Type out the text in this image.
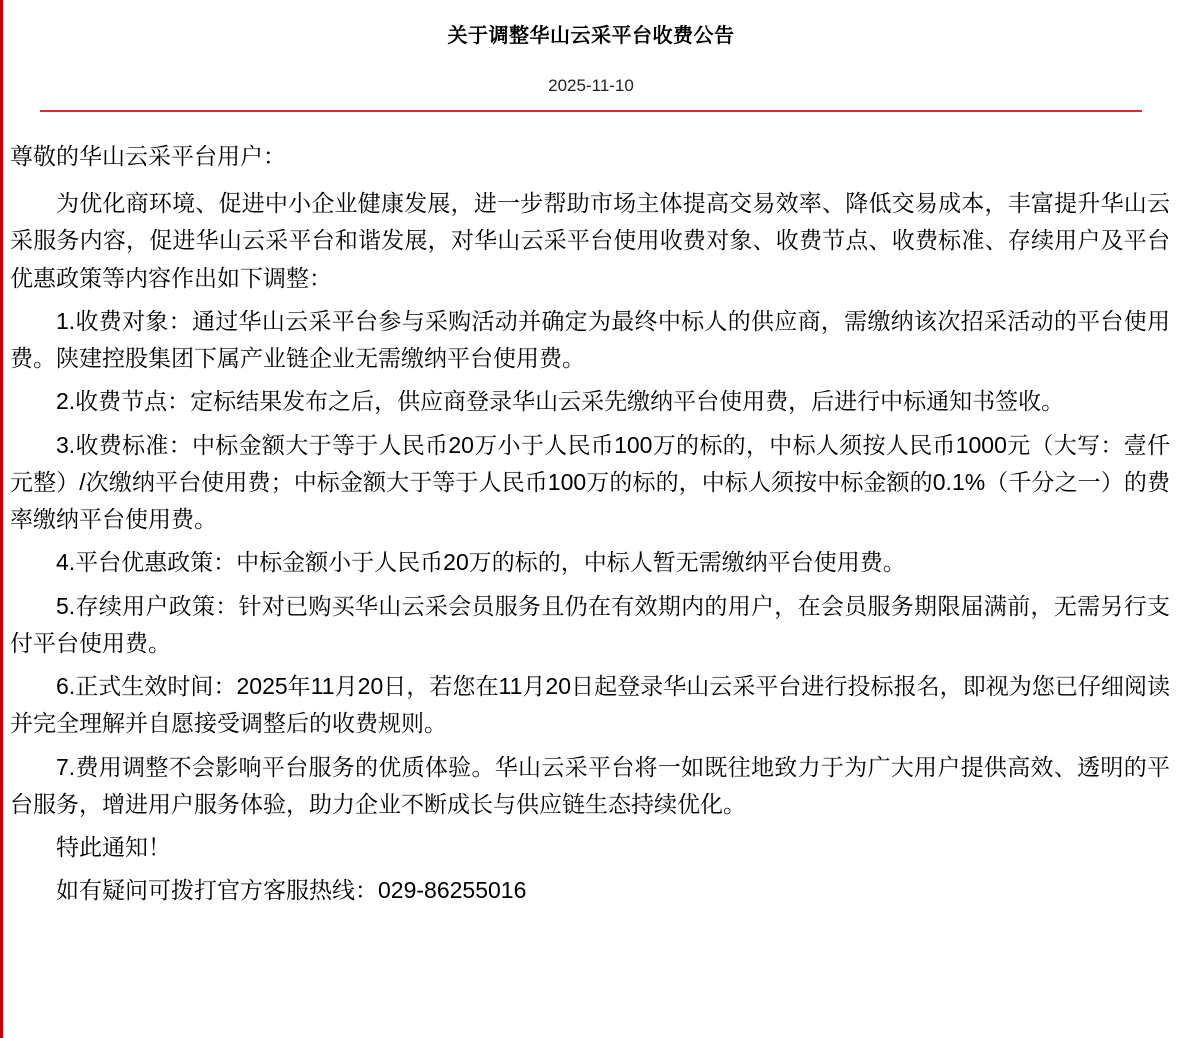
关于调整华山云采平台收费公告
2025-11-10

尊敬的华山云采平台用户：

为优化商环境、促进中小企业健康发展，进一步帮助市场主体提高交易效率、降低交易成本，丰富提升华山云采服务内容，促进华山云采平台和谐发展，对华山云采平台使用收费对象、收费节点、收费标准、存续用户及平台优惠政策等内容作出如下调整：

1.收费对象：通过华山云采平台参与采购活动并确定为最终中标人的供应商，需缴纳该次招采活动的平台使用费。陕建控股集团下属产业链企业无需缴纳平台使用费。

2.收费节点：定标结果发布之后，供应商登录华山云采先缴纳平台使用费，后进行中标通知书签收。

3.收费标准：中标金额大于等于人民币20万小于人民币100万的标的，中标人须按人民币1000元（大写：壹仟元整）/次缴纳平台使用费；中标金额大于等于人民币100万的标的，中标人须按中标金额的0.1%（千分之一）的费率缴纳平台使用费。

4.平台优惠政策：中标金额小于人民币20万的标的，中标人暂无需缴纳平台使用费。

5.存续用户政策：针对已购买华山云采会员服务且仍在有效期内的用户，在会员服务期限届满前，无需另行支付平台使用费。

6.正式生效时间：2025年11月20日，若您在11月20日起登录华山云采平台进行投标报名，即视为您已仔细阅读并完全理解并自愿接受调整后的收费规则。

7.费用调整不会影响平台服务的优质体验。华山云采平台将一如既往地致力于为广大用户提供高效、透明的平台服务，增进用户服务体验，助力企业不断成长与供应链生态持续优化。

特此通知！

如有疑问可拨打官方客服热线：029-86255016
